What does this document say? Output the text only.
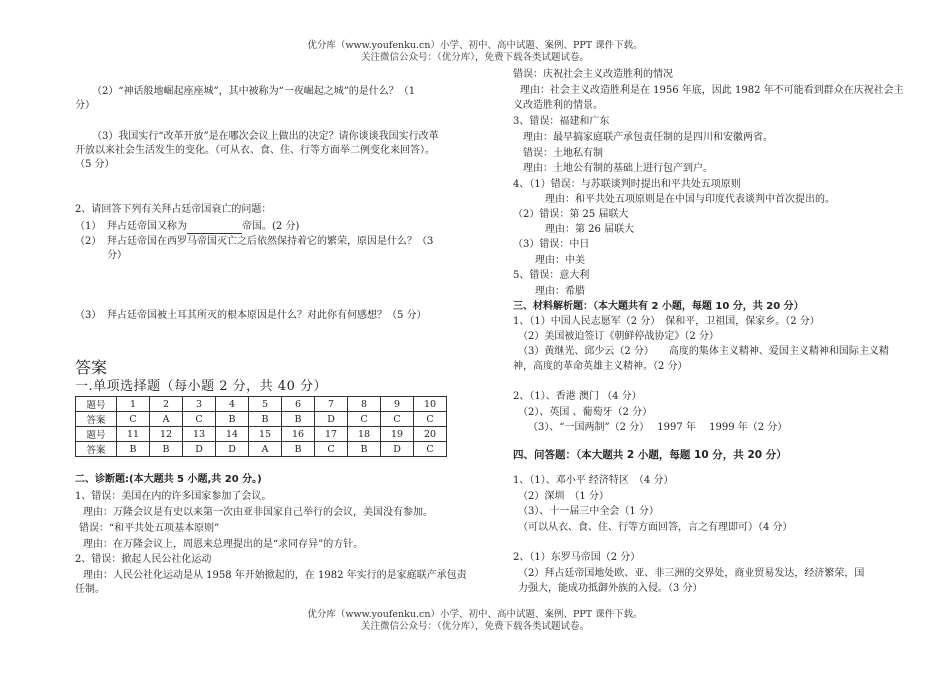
优分库（www.youfenku.cn）小学、初中、高中试题、案例、PPT 课件下载。
关注微信公众号：（优分库），免费下载各类试题试卷。
（2）“神话般地崛起座座城”，其中被称为“一夜崛起之城”的是什么？（1
分）
（3）我国实行“改革开放”是在哪次会议上做出的决定？请你谈谈我国实行改革
开放以来社会生活发生的变化。（可从衣、食、住、行等方面举二例变化来回答）。
（5 分）
2、请回答下列有关拜占廷帝国衰亡的问题：
（1） 拜占廷帝国又称为	帝国。(2 分)
（2） 拜占廷帝国在西罗马帝国灭亡之后依然保持着它的繁荣，原因是什么？（3
分）
（3） 拜占廷帝国被土耳其所灭的根本原因是什么？对此你有何感想？（5 分）
答案
一.单项选择题（每小题 2 分，共 40 分）
题号	1	2	3	4	5	6	7	8	9	10
答案	C	A	C	B	B	B	D	C	C	C
题号	11	12	13	14	15	16	17	18	19	20
答案	B	B	D	D	A	B	C	B	D	C
二、诊断题:(本大题共 5 小题,共 20 分。)
1、错误：美国在内的许多国家参加了会议。
理由：万隆会议是有史以来第一次由亚非国家自己举行的会议，美国没有参加。
错误：“和平共处五项基本原则”
理由：在万隆会议上，周恩来总理提出的是“求同存异”的方针。
2、错误：掀起人民公社化运动
理由：人民公社化运动是从 1958 年开始掀起的，在 1982 年实行的是家庭联产承包责
任制。
错误：庆祝社会主义改造胜利的情况
理由：社会主义改造胜利是在 1956 年底，因此 1982 年不可能看到群众在庆祝社会主
义改造胜利的情景。
3、错误：福建和广东
理由：最早搞家庭联产承包责任制的是四川和安徽两省。
错误：土地私有制
理由：土地公有制的基础上进行包产到户。
4、（1）错误：与苏联谈判时提出和平共处五项原则
理由：和平共处五项原则是在中国与印度代表谈判中首次提出的。
（2）错误：第 25 届联大
理由：第 26 届联大
（3）错误：中日
理由：中美
5、错误：意大利
理由：希腊
三、材料解析题：（本大题共有 2 小题，每题 10 分，共 20 分）
1、（1）中国人民志愿军（2 分）　保和平，卫祖国，保家乡。（2 分）
（2）美国被迫签订《朝鲜停战协定》（2 分）
（3）黄继光、邱少云（2 分）　　高度的集体主义精神、爱国主义精神和国际主义精
神，高度的革命英雄主义精神。（2 分）
2、（1）、香港 澳门 （4 分）
（2）、英国 、葡萄牙（2 分）
（3）、“一国两制”（2 分）　 1997 年　 1999 年（2 分）
四、问答题：（本大题共 2 小题，每题 10 分，共 20 分）
1、（1）、邓小平 经济特区　（4 分）
（2）深圳　（1 分）
（3）、十一届三中全会（1 分）
（可以从衣、食、住、行等方面回答，言之有理即可）（4 分）
2、（1）东罗马帝国（2 分）
（2）拜占廷帝国地处欧、亚、非三洲的交界处，商业贸易发达，经济繁荣，国
力强大，能成功抵御外族的入侵。（3 分）
优分库（www.youfenku.cn）小学、初中、高中试题、案例、PPT 课件下载。
关注微信公众号：（优分库），免费下载各类试题试卷。
